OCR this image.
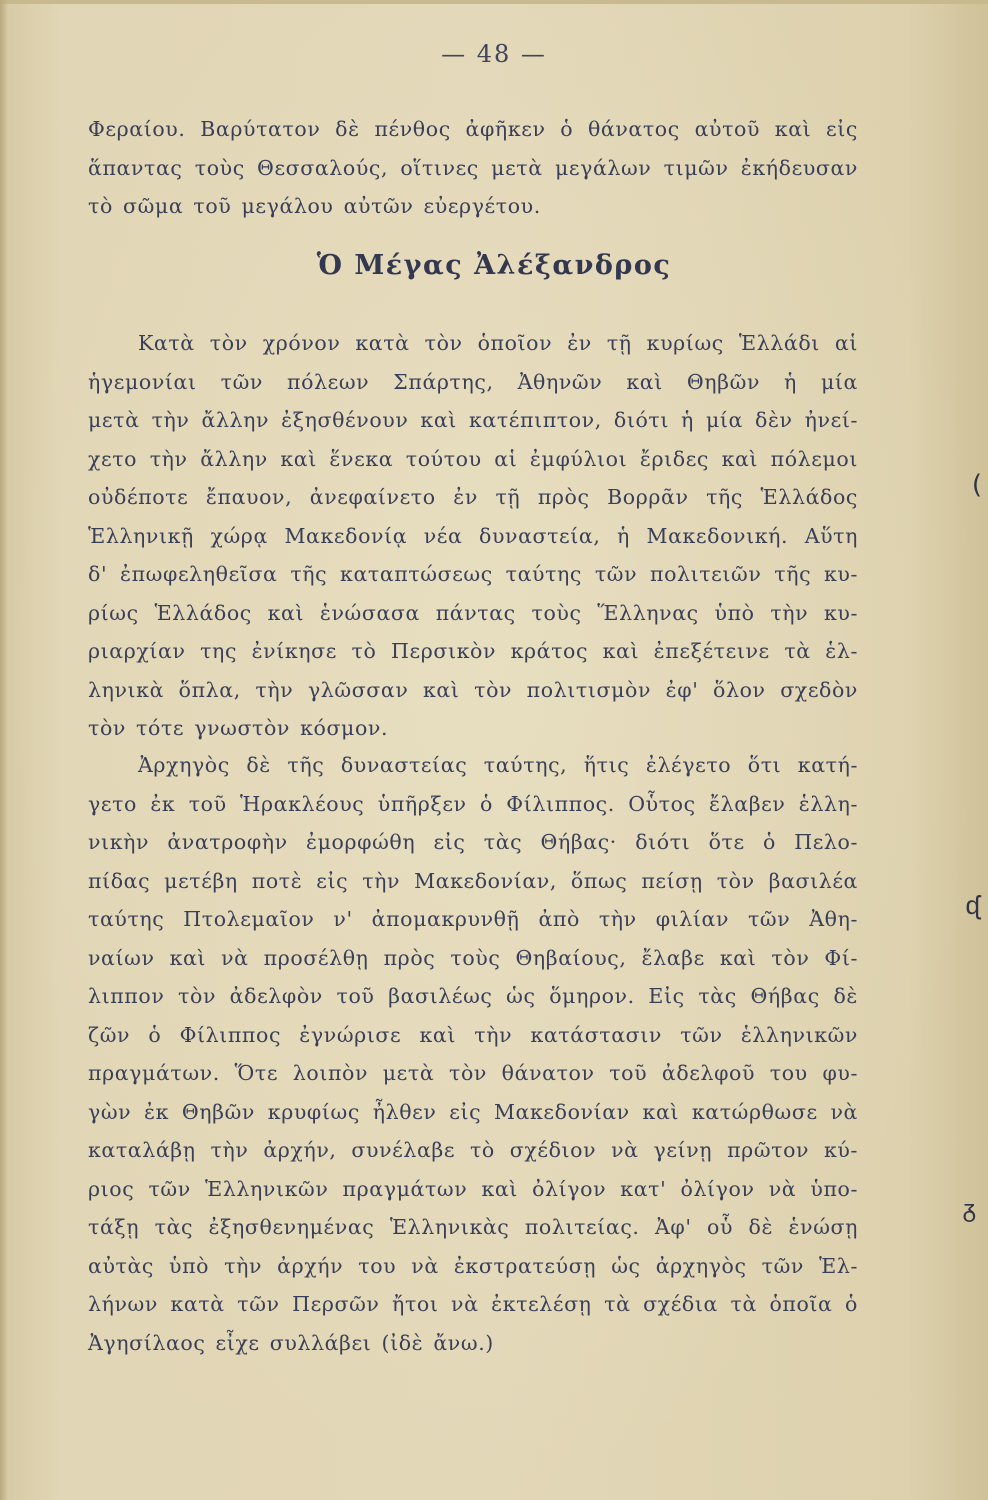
— 48 —
Φεραίου. Βαρύτατον δὲ πένθος ἀφῆκεν ὁ θάνατος αὐτοῦ καὶ εἰς
ἅπαντας τοὺς Θεσσαλούς, οἵτινες μετὰ μεγάλων τιμῶν ἐκήδευσαν
τὸ σῶμα τοῦ μεγάλου αὐτῶν εὐεργέτου.
Ὁ Μέγας Ἀλέξανδρος
Κατὰ τὸν χρόνον κατὰ τὸν ὁποῖον ἐν τῇ κυρίως Ἑλλάδι αἱ
ἡγεμονίαι τῶν πόλεων Σπάρτης, Ἀθηνῶν καὶ Θηβῶν ἡ μία
μετὰ τὴν ἄλλην ἐξησθένουν καὶ κατέπιπτον, διότι ἡ μία δὲν ἠνεί-
χετο τὴν ἄλλην καὶ ἕνεκα τούτου αἱ ἐμφύλιοι ἔριδες καὶ πόλεμοι
οὐδέποτε ἔπαυον, ἀνεφαίνετο ἐν τῇ πρὸς Βορρᾶν τῆς Ἑλλάδος
Ἑλληνικῇ χώρᾳ Μακεδονίᾳ νέα δυναστεία, ἡ Μακεδονική. Αὕτη
δ' ἐπωφεληθεῖσα τῆς καταπτώσεως ταύτης τῶν πολιτειῶν τῆς κυ-
ρίως Ἑλλάδος καὶ ἑνώσασα πάντας τοὺς Ἕλληνας ὑπὸ τὴν κυ-
ριαρχίαν της ἐνίκησε τὸ Περσικὸν κράτος καὶ ἐπεξέτεινε τὰ ἑλ-
ληνικὰ ὅπλα, τὴν γλῶσσαν καὶ τὸν πολιτισμὸν ἐφ' ὅλον σχεδὸν
τὸν τότε γνωστὸν κόσμον.
Ἀρχηγὸς δὲ τῆς δυναστείας ταύτης, ἥτις ἐλέγετο ὅτι κατή-
γετο ἐκ τοῦ Ἡρακλέους ὑπῆρξεν ὁ Φίλιππος. Οὗτος ἔλαβεν ἑλλη-
νικὴν ἀνατροφὴν ἐμορφώθη εἰς τὰς Θήβας· διότι ὅτε ὁ Πελο-
πίδας μετέβη ποτὲ εἰς τὴν Μακεδονίαν, ὅπως πείσῃ τὸν βασιλέα
ταύτης Πτολεμαῖον ν' ἀπομακρυνθῇ ἀπὸ τὴν φιλίαν τῶν Ἀθη-
ναίων καὶ νὰ προσέλθῃ πρὸς τοὺς Θηβαίους, ἔλαβε καὶ τὸν Φί-
λιππον τὸν ἀδελφὸν τοῦ βασιλέως ὡς ὅμηρον. Εἰς τὰς Θήβας δὲ
ζῶν ὁ Φίλιππος ἐγνώρισε καὶ τὴν κατάστασιν τῶν ἑλληνικῶν
πραγμάτων. Ὅτε λοιπὸν μετὰ τὸν θάνατον τοῦ ἀδελφοῦ του φυ-
γὼν ἐκ Θηβῶν κρυφίως ἦλθεν εἰς Μακεδονίαν καὶ κατώρθωσε νὰ
καταλάβῃ τὴν ἀρχήν, συνέλαβε τὸ σχέδιον νὰ γείνῃ πρῶτον κύ-
ριος τῶν Ἑλληνικῶν πραγμάτων καὶ ὀλίγον κατ' ὀλίγον νὰ ὑπο-
τάξῃ τὰς ἐξησθενημένας Ἑλληνικὰς πολιτείας. Ἀφ' οὗ δὲ ἑνώσῃ
αὐτὰς ὑπὸ τὴν ἀρχήν του νὰ ἐκστρατεύσῃ ὡς ἀρχηγὸς τῶν Ἑλ-
λήνων κατὰ τῶν Περσῶν ἤτοι νὰ ἐκτελέσῃ τὰ σχέδια τὰ ὁποῖα ὁ
Ἀγησίλαος εἶχε συλλάβει (ἰδὲ ἄνω.)
(
ᶑ
ᵹ
